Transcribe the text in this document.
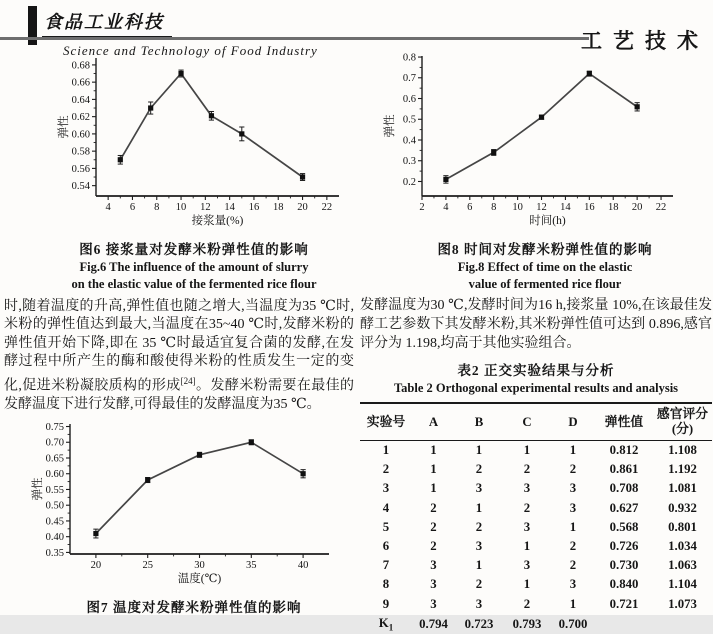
食品工业科技
Science and Technology of Food Industry	工艺技术
0.54
0.56
0.58
0.60
0.62
0.64
0.66
0.68
4 6 8 10 12 14 16 18 20 22
接浆量(%)
弹性
图6 接浆量对发酵米粉弹性值的影响
Fig.6 The influence of the amount of slurry
on the elastic value of the fermented rice flour

时,随着温度的升高,弹性值也随之增大,当温度为35 ℃时,米粉的弹性值达到最大,当温度在35~40 ℃时,发酵米粉的弹性值开始下降,即在 35 ℃时最适宜复合菌的发酵,在发酵过程中所产生的酶和酸使得米粉的性质发生一定的变化,促进米粉凝胶质构的形成[24]。发酵米粉需要在最佳的发酵温度下进行发酵,可得最佳的发酵温度为35 ℃。

0.35
0.40
0.45
0.50
0.55
0.60
0.65
0.70
0.75
20	25	30	35	40
温度(℃)
弹性
图7 温度对发酵米粉弹性值的影响
0.2
0.3
0.4
0.5
0.6
0.7
0.8
2 4 6 8 10 12 14 16 18 20 22
时间(h)
弹性
图8 时间对发酵米粉弹性值的影响
Fig.8 Effect of time on the elastic
value of fermented rice flour

发酵温度为30 ℃,发酵时间为16 h,接浆量 10%,在该最佳发酵工艺参数下其发酵米粉,其米粉弹性值可达到 0.896,感官评分为 1.198,均高于其他实验组合。

表2 正交实验结果与分析
Table 2 Orthogonal experimental results and analysis
实验号	A	B	C	D	弹性值	感官评分
(分)

1	1	1	1	1	0.812	1.108
2	1	2	2	2	0.861	1.192
3	1	3	3	3	0.708	1.081
4	2	1	2	3	0.627	0.932
5	2	2	3	1	0.568	0.801
6	2	3	1	2	0.726	1.034
7	3	1	3	2	0.730	1.063
8	3	2	1	3	0.840	1.104
9	3	3	2	1	0.721	1.073
$K_1$	0.794	0.723	0.793	0.700		
